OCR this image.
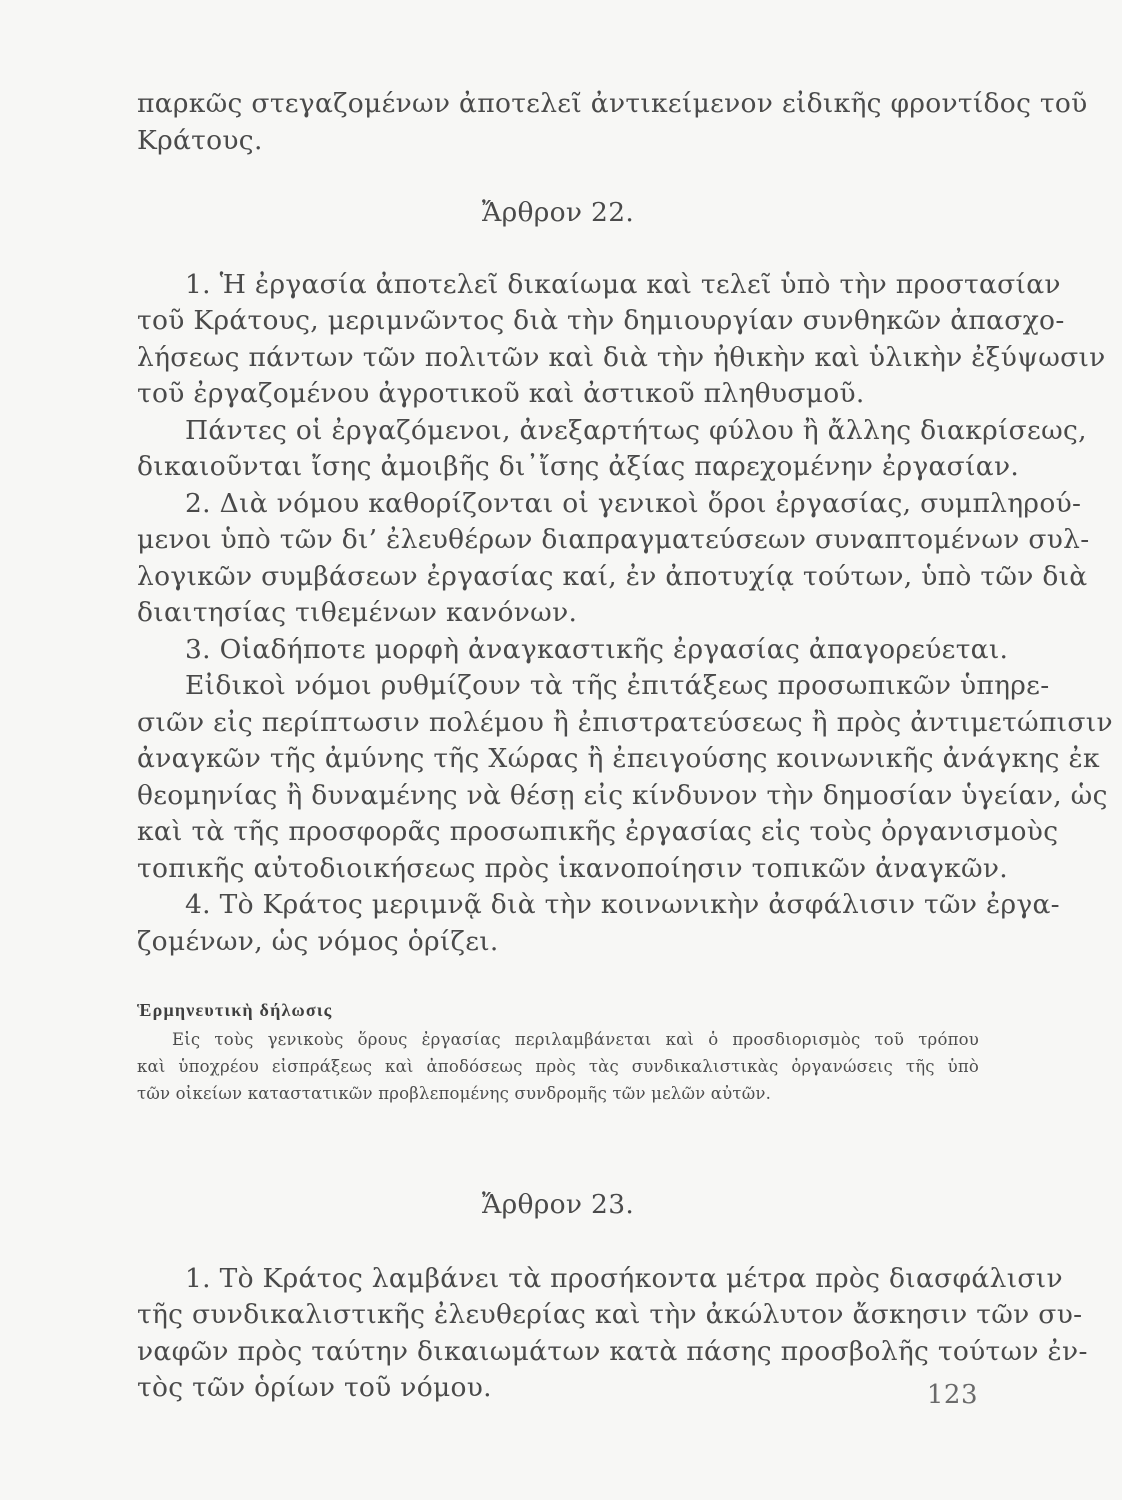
παρκῶς στεγαζομένων ἀποτελεῖ ἀντικείμενον εἰδικῆς φροντίδος τοῦ
Κράτους.
Ἄρθρον 22.
1. Ἡ ἐργασία ἀποτελεῖ δικαίωμα καὶ τελεῖ ὑπὸ τὴν προστασίαν
τοῦ Κράτους, μεριμνῶντος διὰ τὴν δημιουργίαν συνθηκῶν ἀπασχο-
λήσεως πάντων τῶν πολιτῶν καὶ διὰ τὴν ἠθικὴν καὶ ὑλικὴν ἐξύψωσιν
τοῦ ἐργαζομένου ἀγροτικοῦ καὶ ἀστικοῦ πληθυσμοῦ.
Πάντες οἱ ἐργαζόμενοι, ἀνεξαρτήτως φύλου ἢ ἄλλης διακρίσεως,
δικαιοῦνται ἴσης ἀμοιβῆς δι᾽ἴσης ἀξίας παρεχομένην ἐργασίαν.
2. Διὰ νόμου καθορίζονται οἱ γενικοὶ ὅροι ἐργασίας, συμπληρού-
μενοι ὑπὸ τῶν δι’ ἐλευθέρων διαπραγματεύσεων συναπτομένων συλ-
λογικῶν συμβάσεων ἐργασίας καί, ἐν ἀποτυχίᾳ τούτων, ὑπὸ τῶν διὰ
διαιτησίας τιθεμένων κανόνων.
3. Οἱαδήποτε μορφὴ ἀναγκαστικῆς ἐργασίας ἀπαγορεύεται.
Εἰδικοὶ νόμοι ρυθμίζουν τὰ τῆς ἐπιτάξεως προσωπικῶν ὑπηρε-
σιῶν εἰς περίπτωσιν πολέμου ἢ ἐπιστρατεύσεως ἢ πρὸς ἀντιμετώπισιν
ἀναγκῶν τῆς ἀμύνης τῆς Χώρας ἢ ἐπειγούσης κοινωνικῆς ἀνάγκης ἐκ
θεομηνίας ἢ δυναμένης νὰ θέσῃ εἰς κίνδυνον τὴν δημοσίαν ὑγείαν, ὡς
καὶ τὰ τῆς προσφορᾶς προσωπικῆς ἐργασίας εἰς τοὺς ὀργανισμοὺς
τοπικῆς αὐτοδιοικήσεως πρὸς ἱκανοποίησιν τοπικῶν ἀναγκῶν.
4. Τὸ Κράτος μεριμνᾷ διὰ τὴν κοινωνικὴν ἀσφάλισιν τῶν ἐργα-
ζομένων, ὡς νόμος ὁρίζει.
Ἑρμηνευτικὴ δήλωσις
Εἰς τοὺς γενικοὺς ὅρους ἐργασίας περιλαμβάνεται καὶ ὁ προσδιορισμὸς τοῦ τρόπου
καὶ ὑποχρέου εἰσπράξεως καὶ ἀποδόσεως πρὸς τὰς συνδικαλιστικὰς ὀργανώσεις τῆς ὑπὸ
τῶν οἰκείων καταστατικῶν προβλεπομένης συνδρομῆς τῶν μελῶν αὐτῶν.
Ἄρθρον 23.
1. Τὸ Κράτος λαμβάνει τὰ προσήκοντα μέτρα πρὸς διασφάλισιν
τῆς συνδικαλιστικῆς ἐλευθερίας καὶ τὴν ἀκώλυτον ἄσκησιν τῶν συ-
ναφῶν πρὸς ταύτην δικαιωμάτων κατὰ πάσης προσβολῆς τούτων ἐν-
τὸς τῶν ὁρίων τοῦ νόμου.	123
